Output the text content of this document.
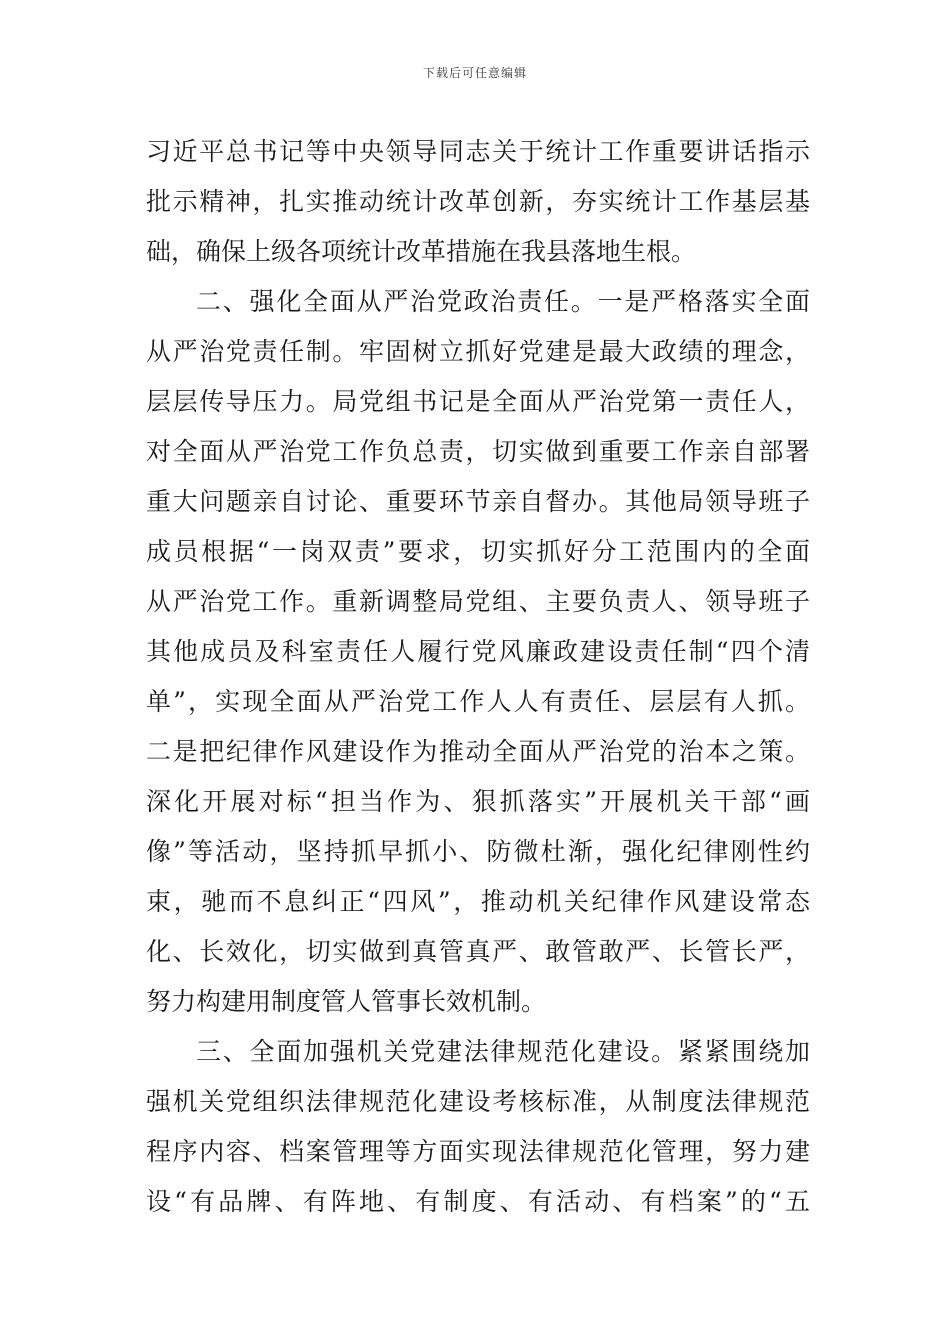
下载后可任意编辑
习近平总书记等中央领导同志关于统计工作重要讲话指示
批示精神，扎实推动统计改革创新，夯实统计工作基层基
础，确保上级各项统计改革措施在我县落地生根。
二、强化全面从严治党政治责任。一是严格落实全面
从严治党责任制。牢固树立抓好党建是最大政绩的理念，
层层传导压力。局党组书记是全面从严治党第一责任人，
对全面从严治党工作负总责，切实做到重要工作亲自部署
重大问题亲自讨论、重要环节亲自督办。其他局领导班子
成员根据“一岗双责”要求，切实抓好分工范围内的全面
从严治党工作。重新调整局党组、主要负责人、领导班子
其他成员及科室责任人履行党风廉政建设责任制“四个清
单”，实现全面从严治党工作人人有责任、层层有人抓。
二是把纪律作风建设作为推动全面从严治党的治本之策。
深化开展对标“担当作为、狠抓落实”开展机关干部“画
像”等活动，坚持抓早抓小、防微杜渐，强化纪律刚性约
束，驰而不息纠正“四风”，推动机关纪律作风建设常态
化、长效化，切实做到真管真严、敢管敢严、长管长严，
努力构建用制度管人管事长效机制。
三、全面加强机关党建法律规范化建设。紧紧围绕加
强机关党组织法律规范化建设考核标准，从制度法律规范
程序内容、档案管理等方面实现法律规范化管理，努力建
设“有品牌、有阵地、有制度、有活动、有档案”的“五
